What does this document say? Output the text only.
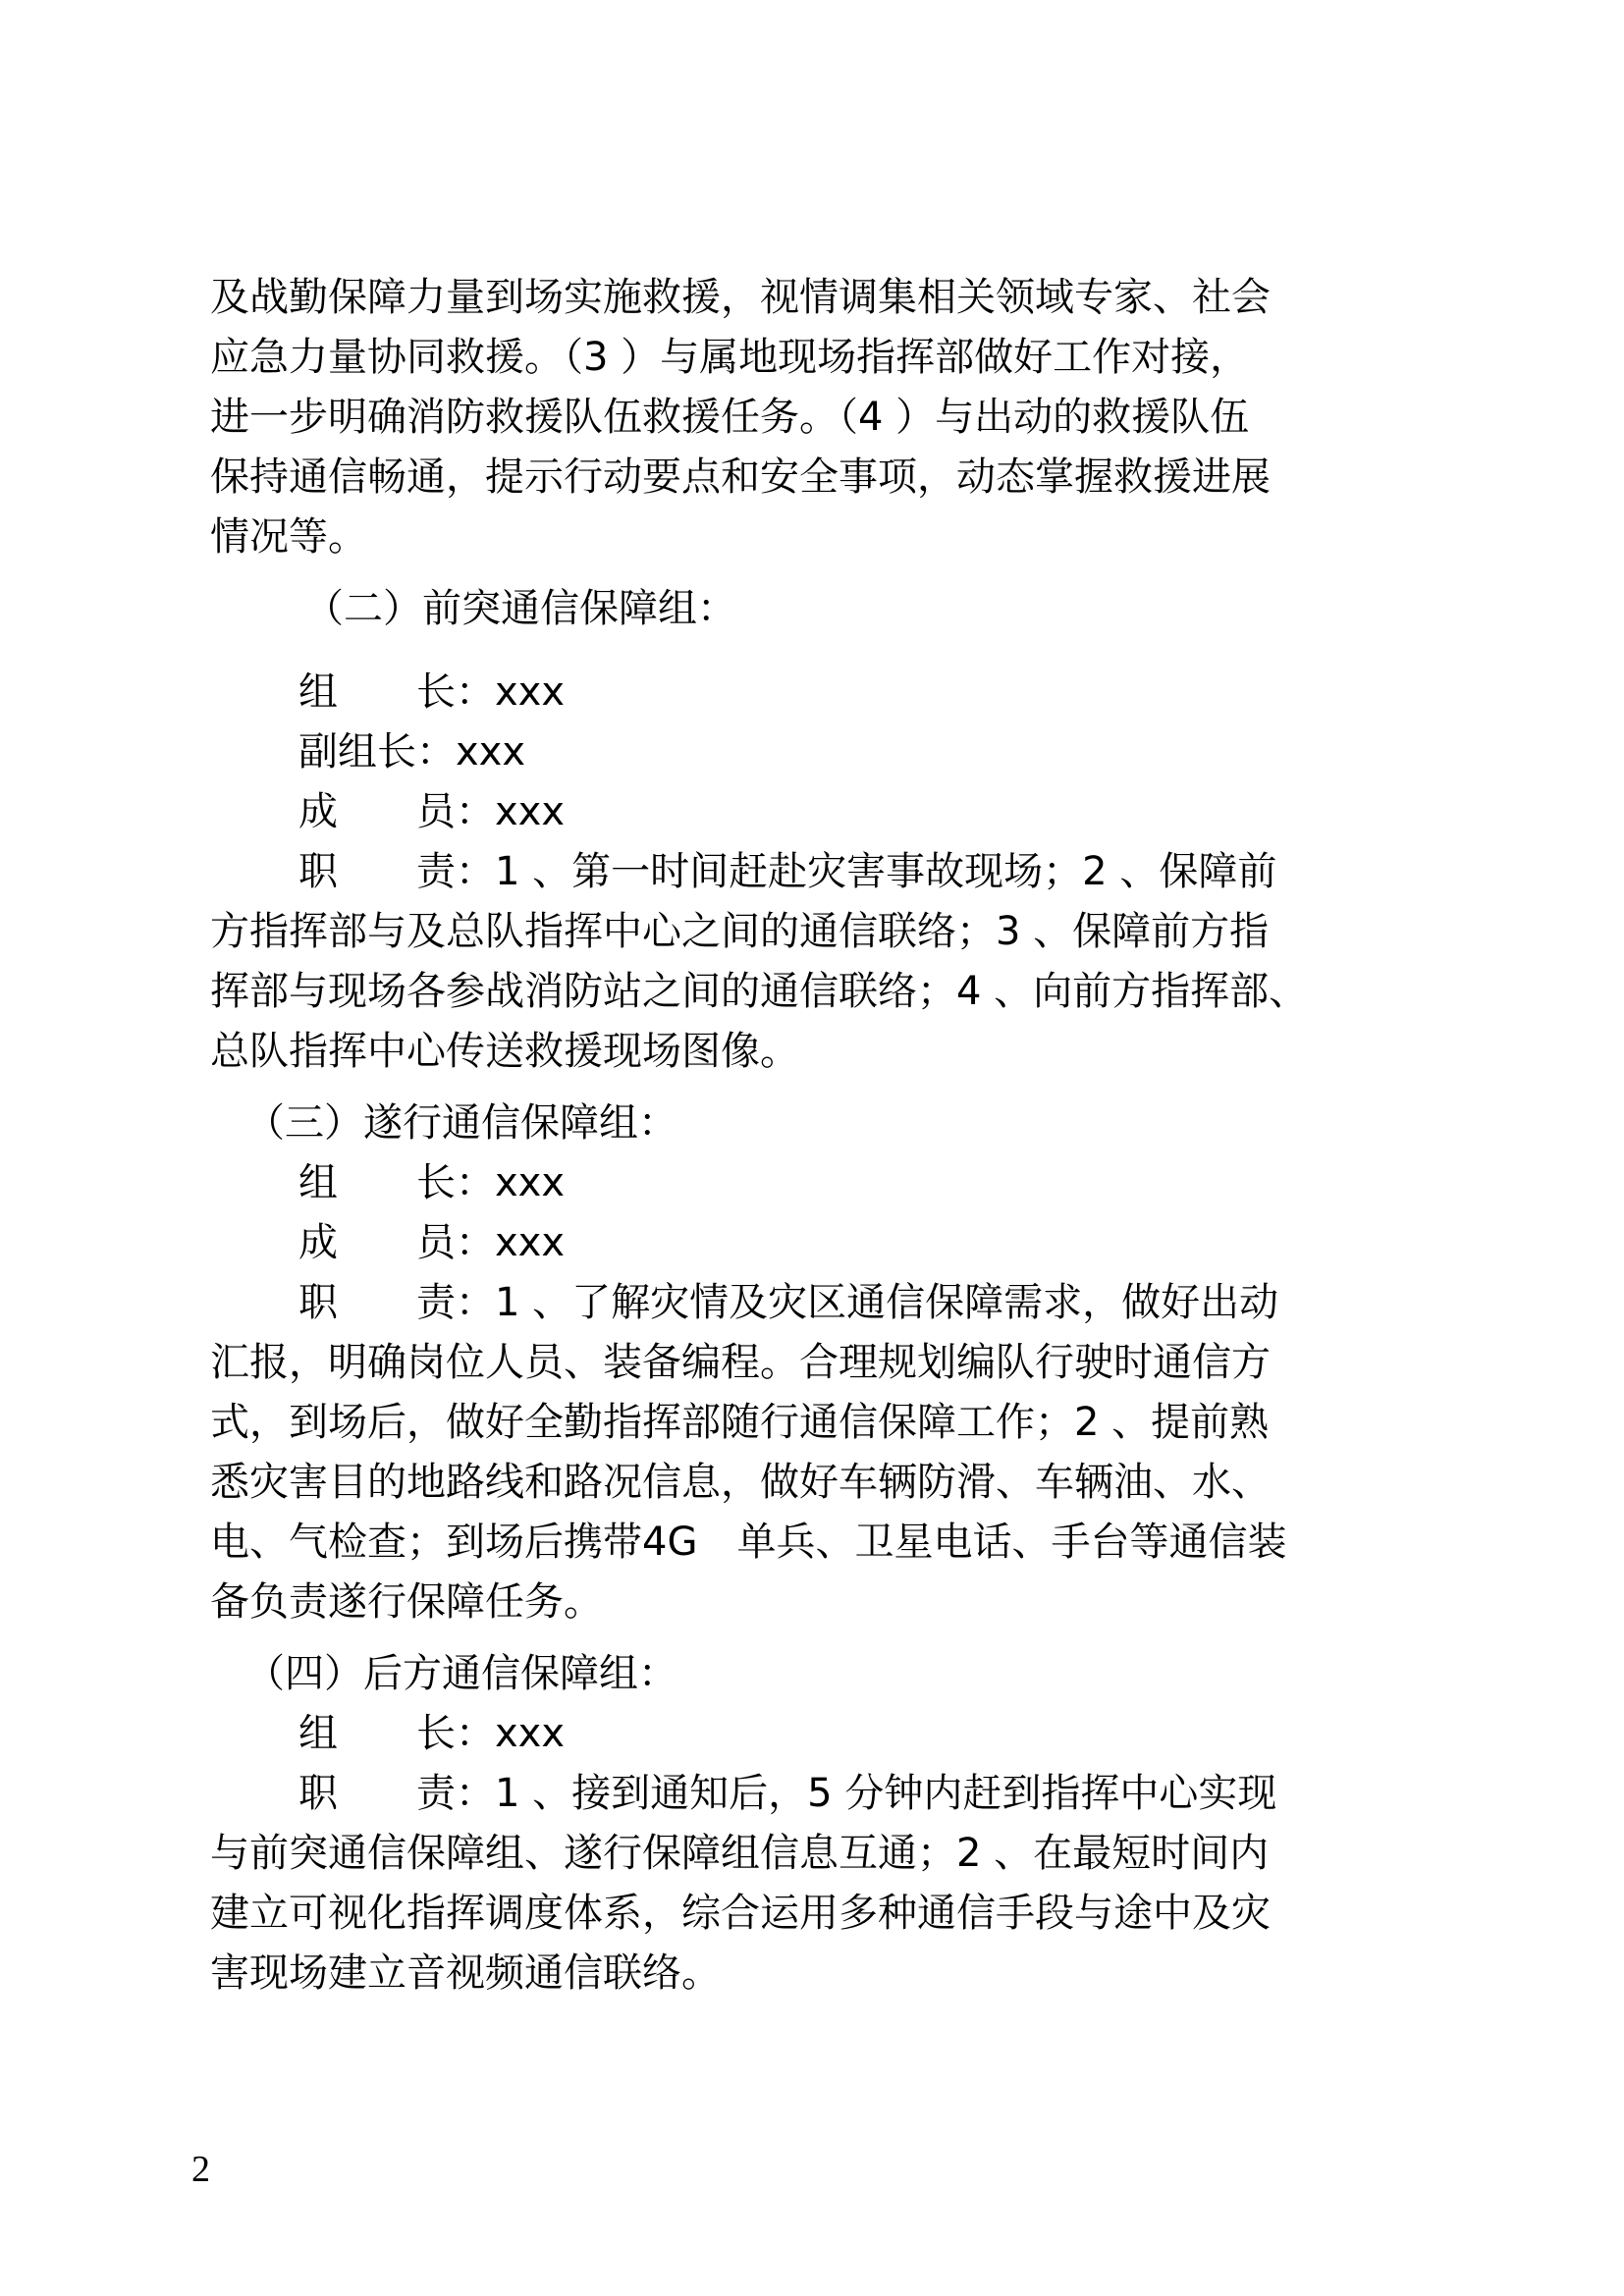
及战勤保障力量到场实施救援，视情调集相关领域专家、社会
应急力量协同救援。（3 ）与属地现场指挥部做好工作对接，
进一步明确消防救援队伍救援任务。（4 ）与出动的救援队伍
保持通信畅通，提示行动要点和安全事项，动态掌握救援进展
情况等。
（二）前突通信保障组：
组　　长：xxx
副组长：xxx
成　　员：xxx
职　　责：1 、第一时间赶赴灾害事故现场；2 、保障前
方指挥部与及总队指挥中心之间的通信联络；3 、保障前方指
挥部与现场各参战消防站之间的通信联络；4 、向前方指挥部、
总队指挥中心传送救援现场图像。
（三）遂行通信保障组：
组　　长：xxx
成　　员：xxx
职　　责：1 、了解灾情及灾区通信保障需求，做好出动
汇报，明确岗位人员、装备编程。合理规划编队行驶时通信方
式，到场后，做好全勤指挥部随行通信保障工作；2 、提前熟
悉灾害目的地路线和路况信息，做好车辆防滑、车辆油、水、
电、气检查；到场后携带4G　单兵、卫星电话、手台等通信装
备负责遂行保障任务。
（四）后方通信保障组：
组　　长：xxx
职　　责：1 、接到通知后，5 分钟内赶到指挥中心实现
与前突通信保障组、遂行保障组信息互通；2 、在最短时间内
建立可视化指挥调度体系，综合运用多种通信手段与途中及灾
害现场建立音视频通信联络。
2
